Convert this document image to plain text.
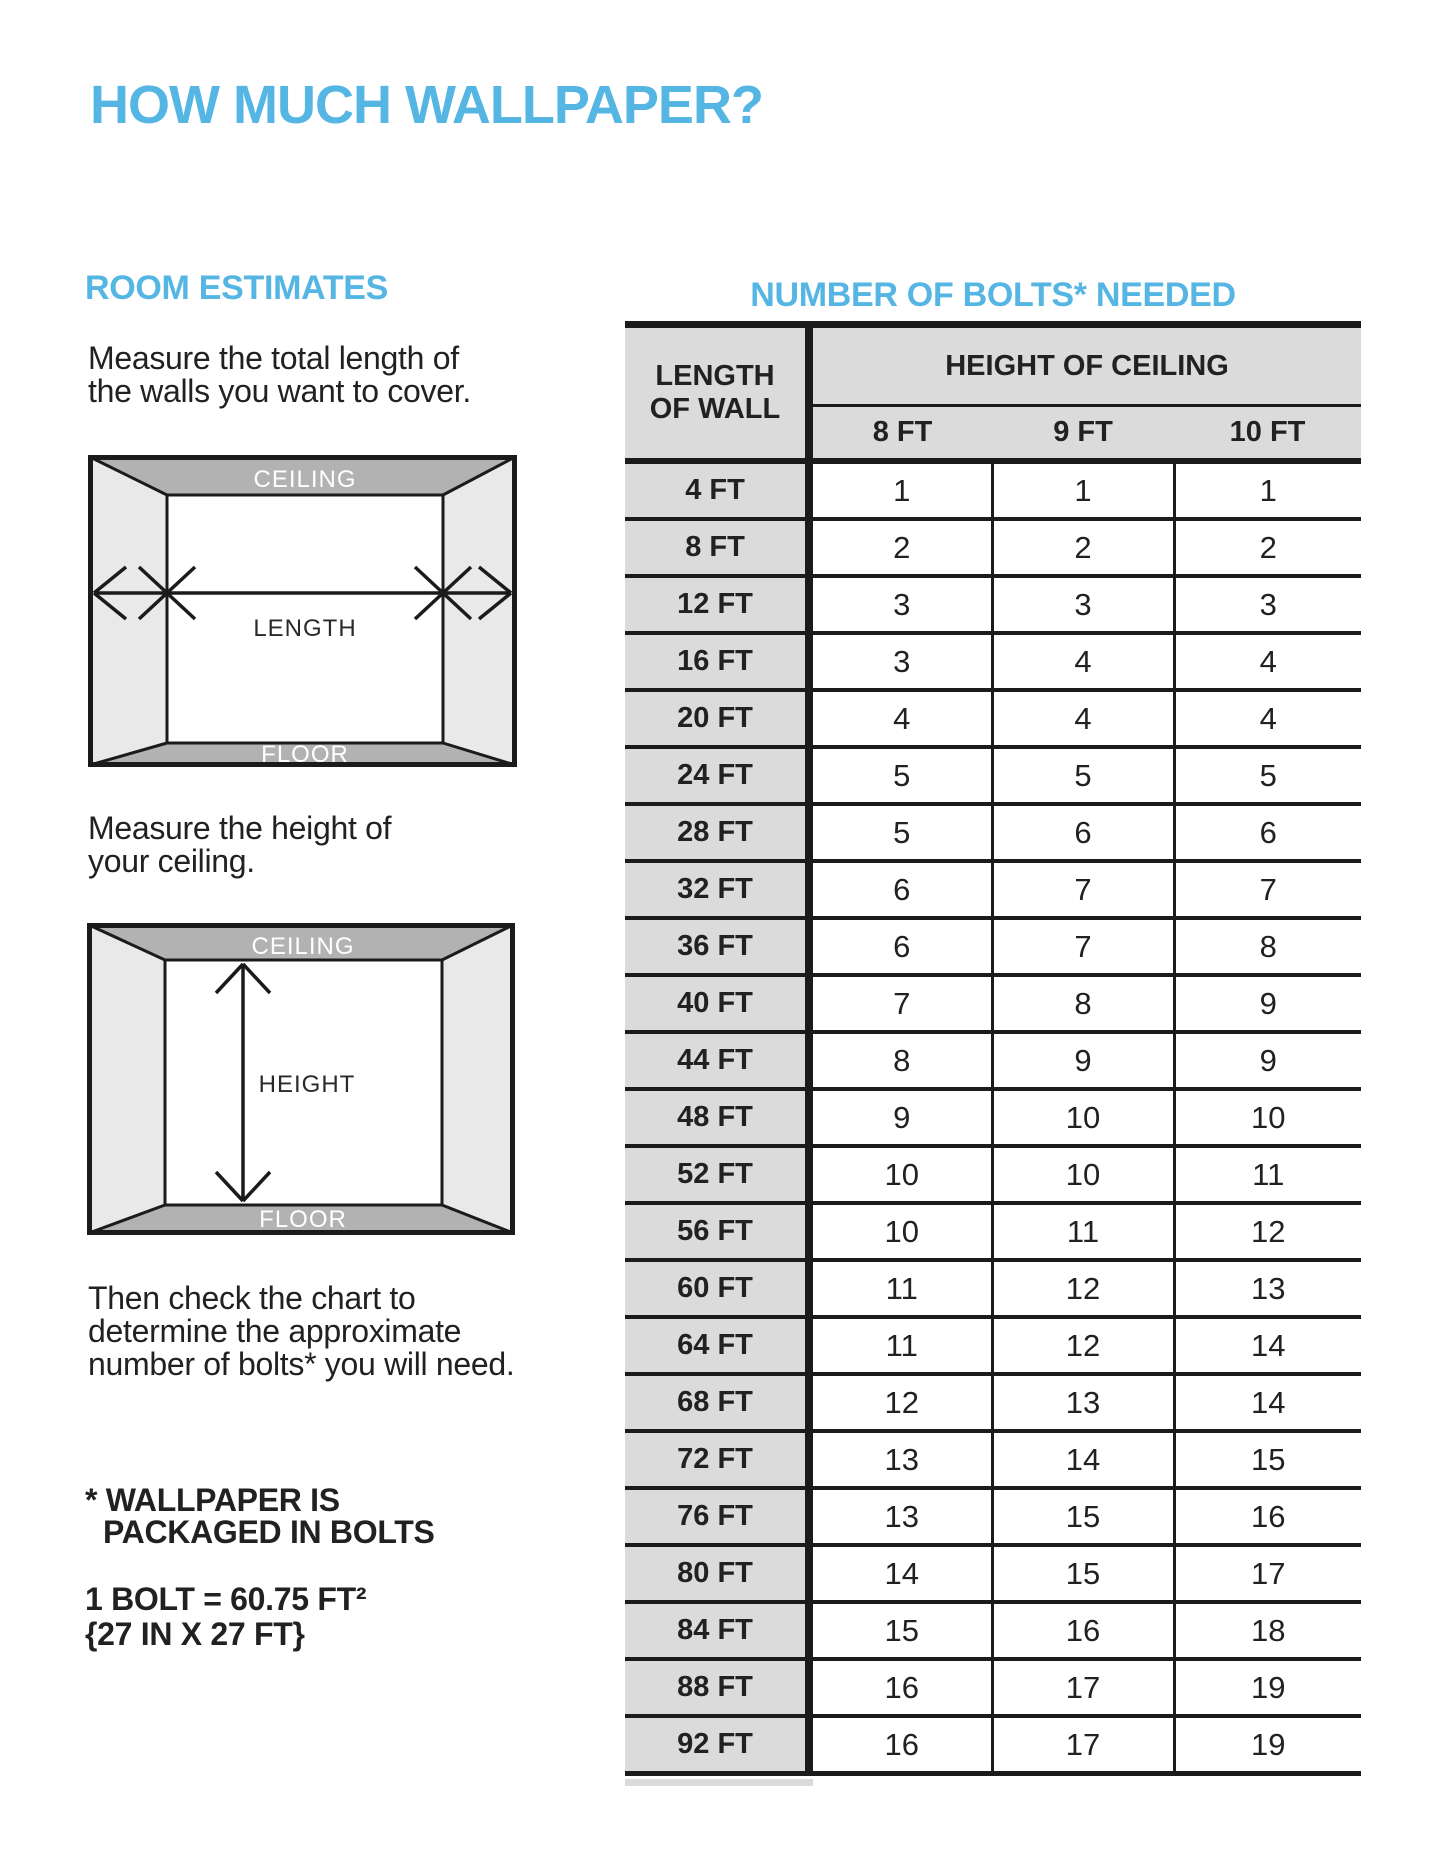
HOW MUCH WALLPAPER?
ROOM ESTIMATES	NUMBER OF BOLTS* NEEDED
Measure the total length of
the walls you want to cover.
CEILING
LENGTH
FLOOR
Measure the height of
your ceiling.
CEILING
HEIGHT
FLOOR
Then check the chart to
determine the approximate
number of bolts* you will need.
* WALLPAPER IS
PACKAGED IN BOLTS
1 BOLT = 60.75 FT²
{27 IN X 27 FT}
LENGTH
OF WALL	HEIGHT OF CEILING		
	8 FT	9 FT	10 FT
4 FT	1	1	1
8 FT	2	2	2
12 FT	3	3	3
16 FT	3	4	4
20 FT	4	4	4
24 FT	5	5	5
28 FT	5	6	6
32 FT	6	7	7
36 FT	6	7	8
40 FT	7	8	9
44 FT	8	9	9
48 FT	9	10	10
52 FT	10	10	11
56 FT	10	11	12
60 FT	11	12	13
64 FT	11	12	14
68 FT	12	13	14
72 FT	13	14	15
76 FT	13	15	16
80 FT	14	15	17
84 FT	15	16	18
88 FT	16	17	19
92 FT	16	17	19
